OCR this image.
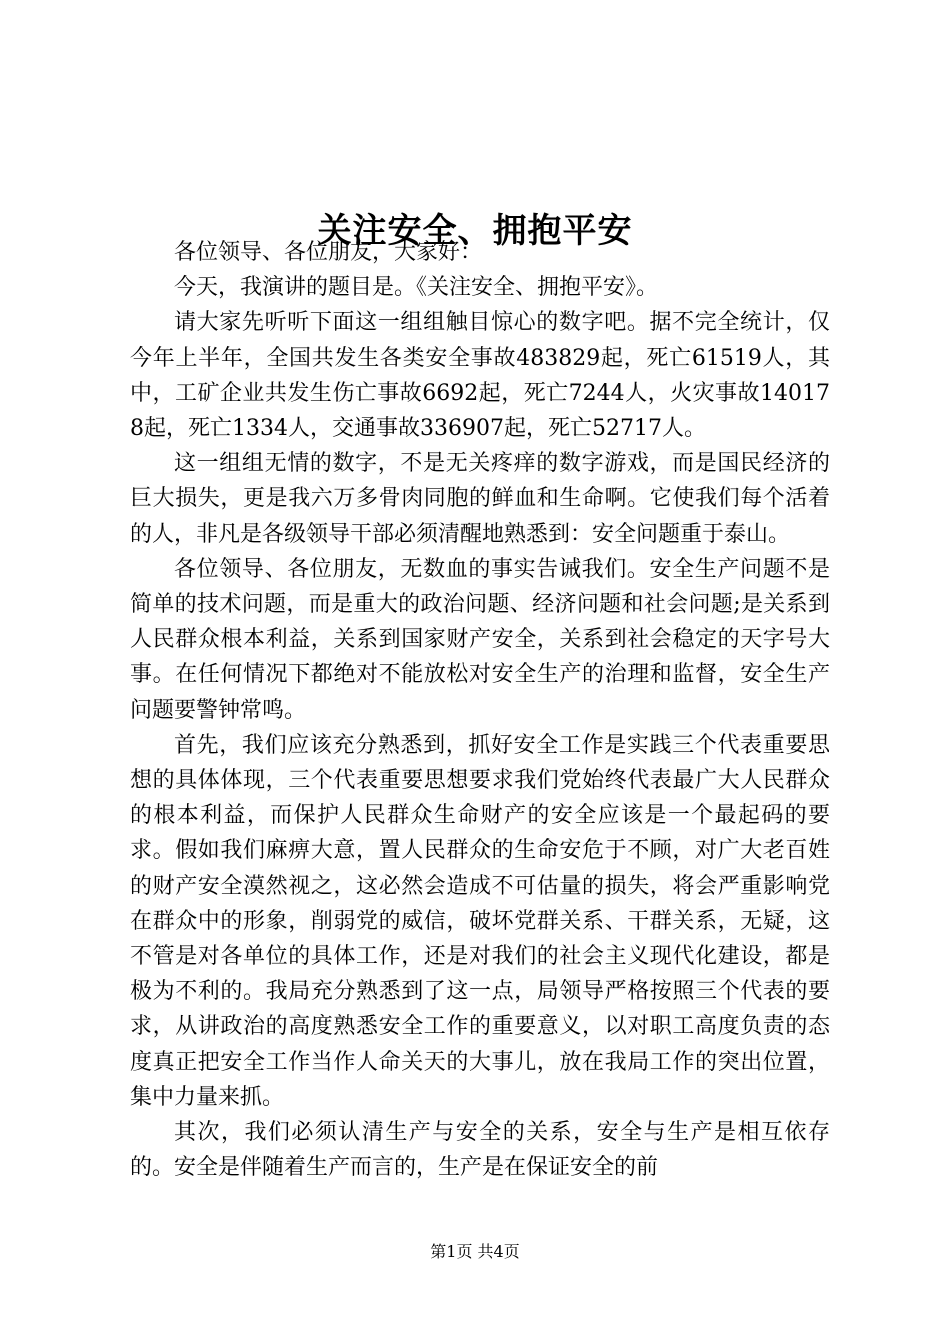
关注安全、拥抱平安

各位领导、各位朋友，大家好：

今天，我演讲的题目是。《关注安全、拥抱平安》。

请大家先听听下面这一组组触目惊心的数字吧。据不完全统计，仅今年上半年，全国共发生各类安全事故483829起，死亡61519人，其中，工矿企业共发生伤亡事故6692起，死亡7244人，火灾事故140178起，死亡1334人，交通事故336907起，死亡52717人。

这一组组无情的数字，不是无关疼痒的数字游戏，而是国民经济的巨大损失，更是我六万多骨肉同胞的鲜血和生命啊。它使我们每个活着的人，非凡是各级领导干部必须清醒地熟悉到：安全问题重于泰山。

各位领导、各位朋友，无数血的事实告诫我们。安全生产问题不是简单的技术问题，而是重大的政治问题、经济问题和社会问题;是关系到人民群众根本利益，关系到国家财产安全，关系到社会稳定的天字号大事。在任何情况下都绝对不能放松对安全生产的治理和监督，安全生产问题要警钟常鸣。

首先，我们应该充分熟悉到，抓好安全工作是实践三个代表重要思想的具体体现，三个代表重要思想要求我们党始终代表最广大人民群众的根本利益，而保护人民群众生命财产的安全应该是一个最起码的要求。假如我们麻痹大意，置人民群众的生命安危于不顾，对广大老百姓的财产安全漠然视之，这必然会造成不可估量的损失，将会严重影响党在群众中的形象，削弱党的威信，破坏党群关系、干群关系，无疑，这不管是对各单位的具体工作，还是对我们的社会主义现代化建设，都是极为不利的。我局充分熟悉到了这一点，局领导严格按照三个代表的要求，从讲政治的高度熟悉安全工作的重要意义，以对职工高度负责的态度真正把安全工作当作人命关天的大事儿，放在我局工作的突出位置，集中力量来抓。

其次，我们必须认清生产与安全的关系，安全与生产是相互依存的。安全是伴随着生产而言的，生产是在保证安全的前

第1页 共4页
